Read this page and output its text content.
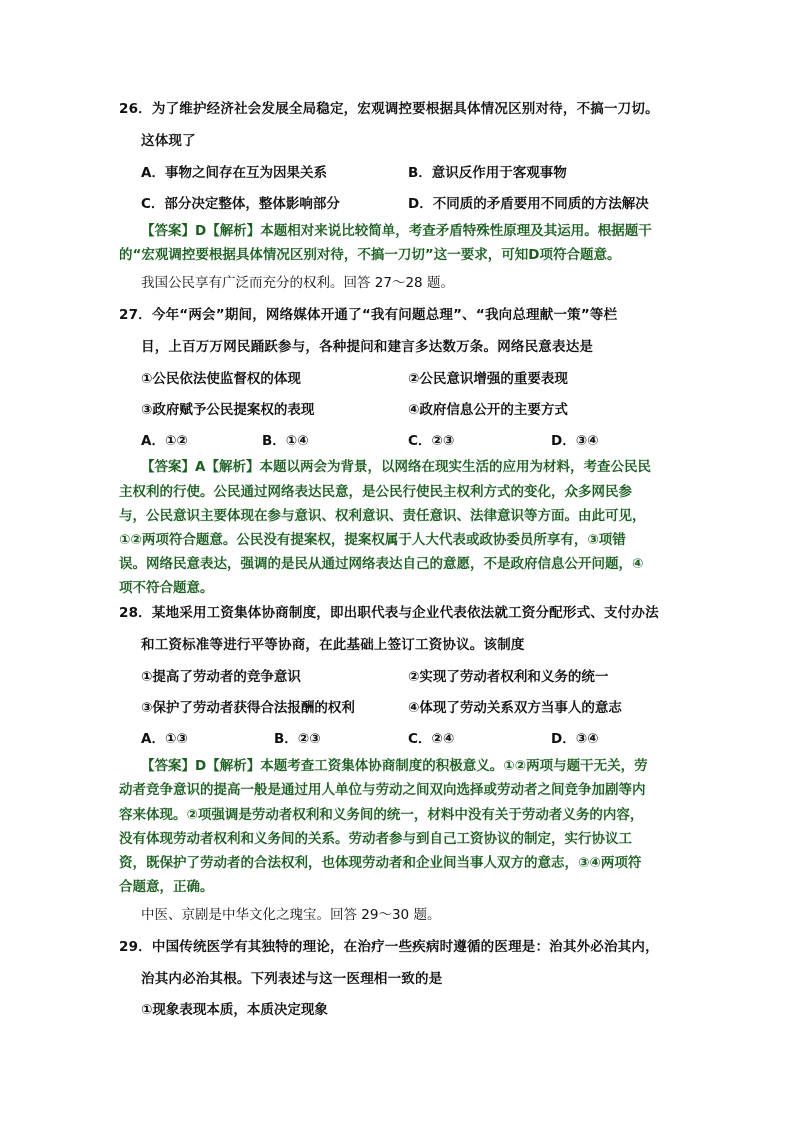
26．为了维护经济社会发展全局稳定，宏观调控要根据具体情况区别对待，不搞一刀切。
这体现了
A．事物之间存在互为因果关系	B．意识反作用于客观事物
C．部分决定整体，整体影响部分	D．不同质的矛盾要用不同质的方法解决
【答案】D【解析】本题相对来说比较简单，考查矛盾特殊性原理及其运用。根据题干
的“宏观调控要根据具体情况区别对待，不搞一刀切”这一要求，可知D项符合题意。
我国公民享有广泛而充分的权利。回答 27～28 题。
27．今年“两会”期间，网络媒体开通了“我有问题总理”、“我向总理献一策”等栏
目，上百万万网民踊跃参与，各种提问和建言多达数万条。网络民意表达是
①公民依法使监督权的体现	②公民意识增强的重要表现
③政府赋予公民提案权的表现	④政府信息公开的主要方式
A．①②	B．①④	C．②③	D．③④
【答案】A【解析】本题以两会为背景，以网络在现实生活的应用为材料，考查公民民
主权利的行使。公民通过网络表达民意，是公民行使民主权利方式的变化，众多网民参
与，公民意识主要体现在参与意识、权利意识、责任意识、法律意识等方面。由此可见，
①②两项符合题意。公民没有提案权，提案权属于人大代表或政协委员所享有，③项错
误。网络民意表达，强调的是民从通过网络表达自己的意愿，不是政府信息公开问题，④
项不符合题意。
28．某地采用工资集体协商制度，即出职代表与企业代表依法就工资分配形式、支付办法
和工资标准等进行平等协商，在此基础上签订工资协议。该制度
①提高了劳动者的竞争意识	②实现了劳动者权利和义务的统一
③保护了劳动者获得合法报酬的权利	④体现了劳动关系双方当事人的意志
A．①③	B．②③	C．②④	D．③④
【答案】D【解析】本题考查工资集体协商制度的积极意义。①②两项与题干无关，劳
动者竞争意识的提高一般是通过用人单位与劳动之间双向选择或劳动者之间竞争加剧等内
容来体现。②项强调是劳动者权利和义务间的统一，材料中没有关于劳动者义务的内容，
没有体现劳动者权利和义务间的关系。劳动者参与到自己工资协议的制定，实行协议工
资，既保护了劳动者的合法权利，也体现劳动者和企业间当事人双方的意志，③④两项符
合题意，正确。
中医、京剧是中华文化之瑰宝。回答 29～30 题。
29．中国传统医学有其独特的理论，在治疗一些疾病时遵循的医理是：治其外必治其内，
治其内必治其根。下列表述与这一医理相一致的是
①现象表现本质，本质决定现象
